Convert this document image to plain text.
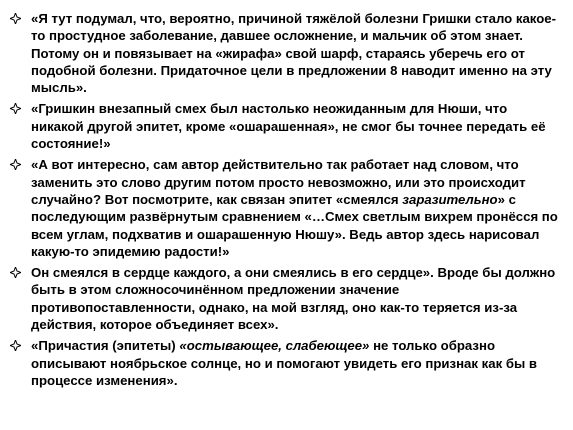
«Я тут подумал, что, вероятно, причиной тяжёлой болезни Гришки стало какое-то простудное заболевание, давшее осложнение, и мальчик об этом знает. Потому он и повязывает на «жирафа» свой шарф, стараясь уберечь его от подобной болезни. Придаточное цели в предложении 8 наводит именно на эту мысль».
«Гришкин внезапный смех был настолько неожиданным для Нюши, что никакой другой эпитет, кроме «ошарашенная», не смог бы точнее передать её состояние!»
«А вот интересно, сам автор действительно так работает над словом, что заменить это слово другим потом просто невозможно, или это происходит случайно? Вот посмотрите, как связан эпитет «смеялся заразительно» с последующим развёрнутым сравнением «…Смех светлым вихрем пронёсся по всем углам, подхватив и ошарашенную Нюшу». Ведь автор здесь нарисовал какую-то эпидемию радости!»
Он смеялся в сердце каждого, а они смеялись в его сердце». Вроде бы должно быть в этом сложносочинённом предложении значение противопоставленности, однако, на мой взгляд, оно как-то теряется из-за действия, которое объединяет всех».
«Причастия (эпитеты) «остывающее, слабеющее» не только образно описывают ноябрьское солнце, но и помогают увидеть его признак как бы в процессе изменения».
